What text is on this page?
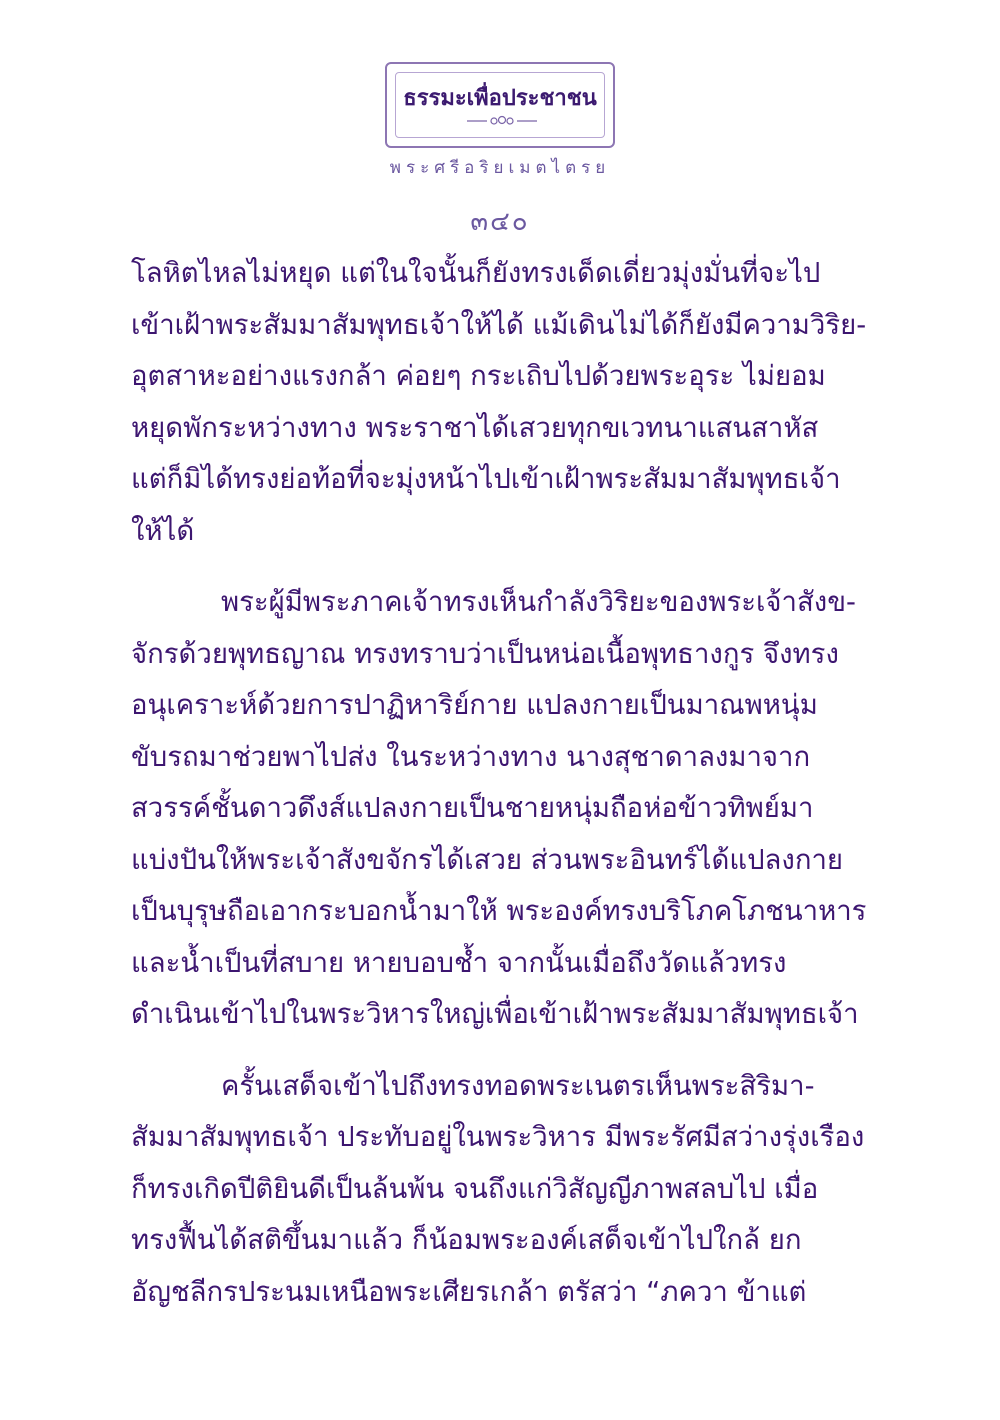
ธรรมะเพื่อประชาชน
พระศรีอริยเมตไตรย
๓๔๐

โลหิตไหลไม่หยุด แต่ในใจนั้นก็ยังทรงเด็ดเดี่ยวมุ่งมั่นที่จะไป
เข้าเฝ้าพระสัมมาสัมพุทธเจ้าให้ได้ แม้เดินไม่ได้ก็ยังมีความวิริย-
อุตสาหะอย่างแรงกล้า ค่อยๆ กระเถิบไปด้วยพระอุระ ไม่ยอม
หยุดพักระหว่างทาง พระราชาได้เสวยทุกขเวทนาแสนสาหัส
แต่ก็มิได้ทรงย่อท้อที่จะมุ่งหน้าไปเข้าเฝ้าพระสัมมาสัมพุทธเจ้า
ให้ได้

พระผู้มีพระภาคเจ้าทรงเห็นกำลังวิริยะของพระเจ้าสังข-
จักรด้วยพุทธญาณ ทรงทราบว่าเป็นหน่อเนื้อพุทธางกูร จึงทรง
อนุเคราะห์ด้วยการปาฏิหาริย์กาย แปลงกายเป็นมาณพหนุ่ม
ขับรถมาช่วยพาไปส่ง ในระหว่างทาง นางสุชาดาลงมาจาก
สวรรค์ชั้นดาวดึงส์แปลงกายเป็นชายหนุ่มถือห่อข้าวทิพย์มา
แบ่งปันให้พระเจ้าสังขจักรได้เสวย ส่วนพระอินทร์ได้แปลงกาย
เป็นบุรุษถือเอากระบอกน้ำมาให้ พระองค์ทรงบริโภคโภชนาหาร
และน้ำเป็นที่สบาย หายบอบช้ำ จากนั้นเมื่อถึงวัดแล้วทรง
ดำเนินเข้าไปในพระวิหารใหญ่เพื่อเข้าเฝ้าพระสัมมาสัมพุทธเจ้า

ครั้นเสด็จเข้าไปถึงทรงทอดพระเนตรเห็นพระสิริมา-
สัมมาสัมพุทธเจ้า ประทับอยู่ในพระวิหาร มีพระรัศมีสว่างรุ่งเรือง
ก็ทรงเกิดปีติยินดีเป็นล้นพ้น จนถึงแก่วิสัญญีภาพสลบไป เมื่อ
ทรงฟื้นได้สติขึ้นมาแล้ว ก็น้อมพระองค์เสด็จเข้าไปใกล้ ยก
อัญชลีกรประนมเหนือพระเศียรเกล้า ตรัสว่า “ภควา ข้าแต่
